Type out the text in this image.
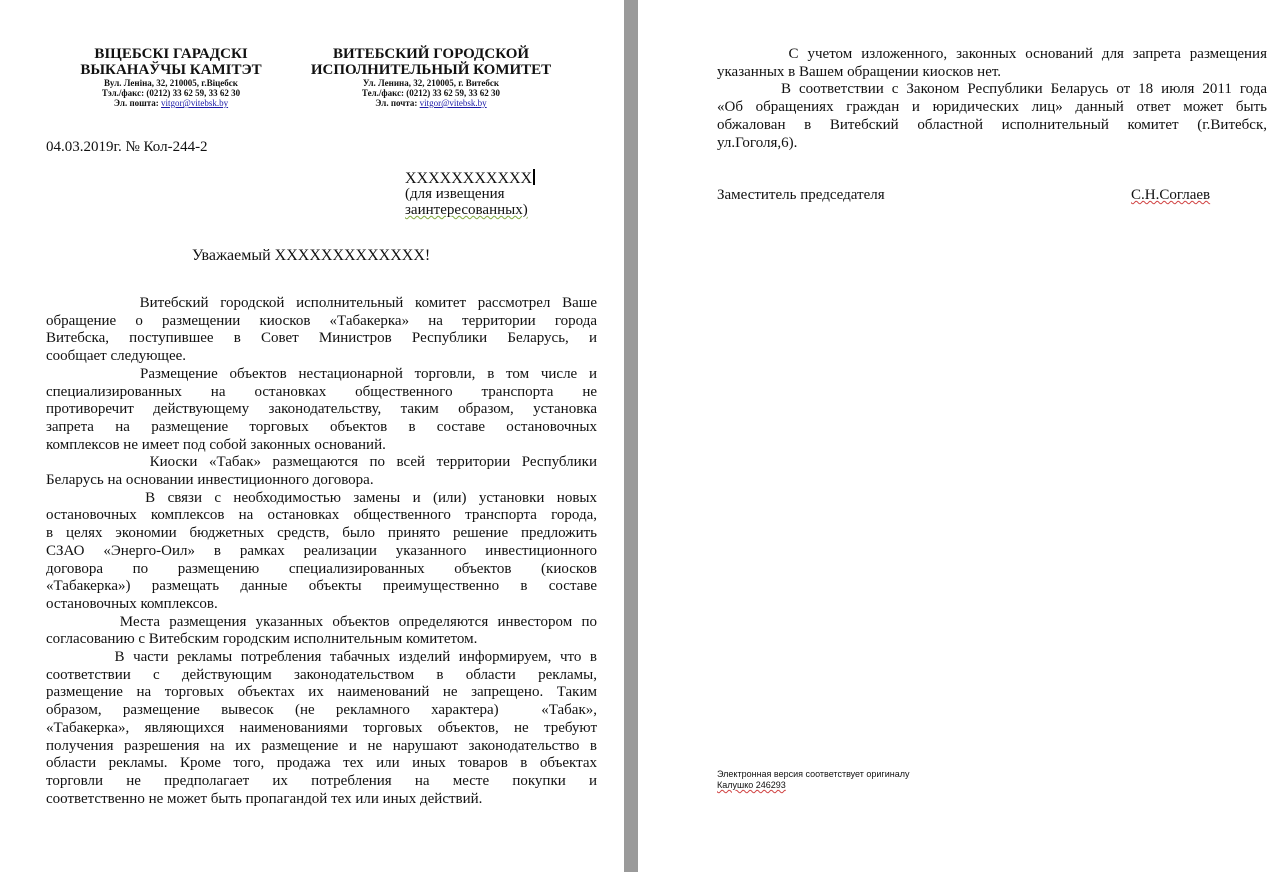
ВІЦЕБСКІ ГАРАДСКІ
ВЫКАНАЎЧЫ КАМІТЭТ
Вул. Леніна, 32, 210005, г.Віцебск
Тэл./факс: (0212) 33 62 59, 33 62 30
Эл. пошта: vitgor@vitebsk.by
ВИТЕБСКИЙ ГОРОДСКОЙ
ИСПОЛНИТЕЛЬНЫЙ КОМИТЕТ
Ул. Ленина, 32, 210005, г. Витебск
Тел./факс: (0212) 33 62 59, 33 62 30
Эл. почта: vitgor@vitebsk.by
04.03.2019г. № Кол-244-2
ХХХХХХХХХХХ
(для извещения
заинтересованных)
Уважаемый ХХХХХХХХХХХХХ!
Витебский городской исполнительный комитет рассмотрел Ваше
обращение о размещении киосков «Табакерка» на территории города
Витебска, поступившее в Совет Министров Республики Беларусь, и
сообщает следующее.
Размещение объектов нестационарной торговли, в том числе и
специализированных на остановках общественного транспорта не
противоречит действующему законодательству, таким образом, установка
запрета на размещение торговых объектов в составе остановочных
комплексов не имеет под собой законных оснований.
Киоски «Табак» размещаются по всей территории Республики
Беларусь на основании инвестиционного договора.
В связи с необходимостью замены и (или) установки новых
остановочных комплексов на остановках общественного транспорта города,
в целях экономии бюджетных средств, было принято решение предложить
СЗАО «Энерго-Оил» в рамках реализации указанного инвестиционного
договора по размещению специализированных объектов (киосков
«Табакерка») размещать данные объекты преимущественно в составе
остановочных комплексов.
Места размещения указанных объектов определяются инвестором по
согласованию с Витебским городским исполнительным комитетом.
В части рекламы потребления табачных изделий информируем, что в
соответствии с действующим законодательством в области рекламы,
размещение на торговых объектах их наименований не запрещено. Таким
образом, размещение вывесок (не рекламного характера)  «Табак»,
«Табакерка», являющихся наименованиями торговых объектов, не требуют
получения разрешения на их размещение и не нарушают законодательство в
области рекламы. Кроме того, продажа тех или иных товаров в объектах
торговли не предполагает их потребления на месте покупки и
соответственно не может быть пропагандой тех или иных действий.
С учетом изложенного, законных оснований для запрета размещения
указанных в Вашем обращении киосков нет.
В соответствии с Законом Республики Беларусь от 18 июля 2011 года
«Об обращениях граждан и юридических лиц» данный ответ может быть
обжалован в Витебский областной исполнительный комитет (г.Витебск,
ул.Гоголя,6).
Заместитель председателя	С.Н.Соглаев
Электронная версия соответствует оригиналу
Калушко 246293
